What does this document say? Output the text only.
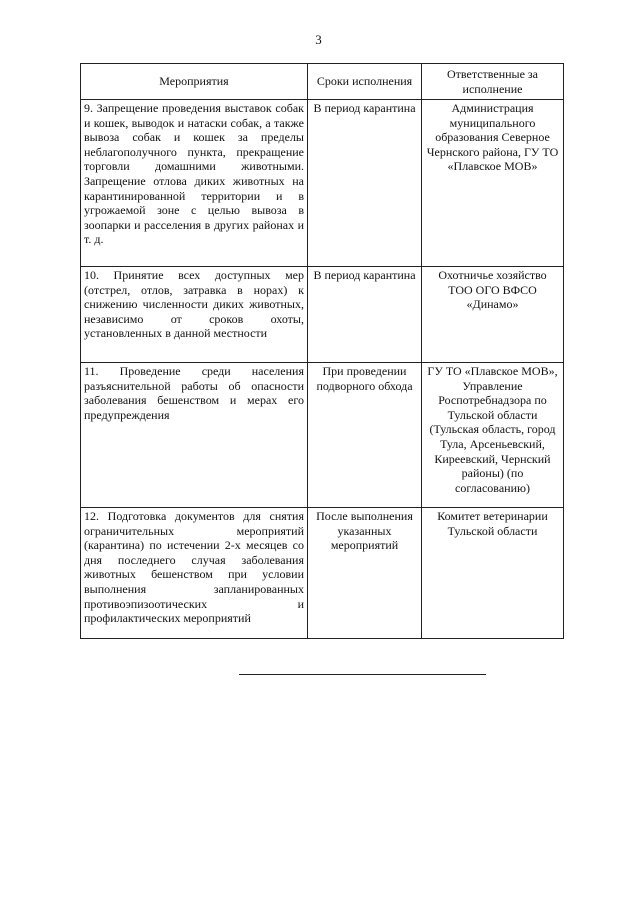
3
Мероприятия	Сроки исполнения	Ответственные за исполнение
9. Запрещение проведения выставок собак и кошек, выводок и натаски собак, а также вывоза собак и кошек за пределы неблагополучного пункта, прекращение торговли домашними животными. Запрещение отлова диких животных на карантинированной территории и в угрожаемой зоне с целью вывоза в зоопарки и расселения в других районах и т. д.	В период карантина	Администрация муниципального образования Северное Чернского района, ГУ ТО «Плавское МОВ»
10. Принятие всех доступных мер (отстрел, отлов, затравка в норах) к снижению численности диких животных, независимо от сроков охоты, установленных в данной местности	В период карантина	Охотничье хозяйство ТОО ОГО ВФСО «Динамо»
11. Проведение среди населения разъяснительной работы об опасности заболевания бешенством и мерах его предупреждения	При проведении подворного обхода	ГУ ТО «Плавское МОВ», Управление Роспотребнадзора по Тульской области (Тульская область, город Тула, Арсеньевский, Киреевский, Чернский районы) (по согласованию)
12. Подготовка документов для снятия ограничительных мероприятий (карантина) по истечении 2-х месяцев со дня последнего случая заболевания животных бешенством при условии выполнения запланированных противоэпизоотических и профилактических мероприятий	После выполнения указанных мероприятий	Комитет ветеринарии Тульской области
